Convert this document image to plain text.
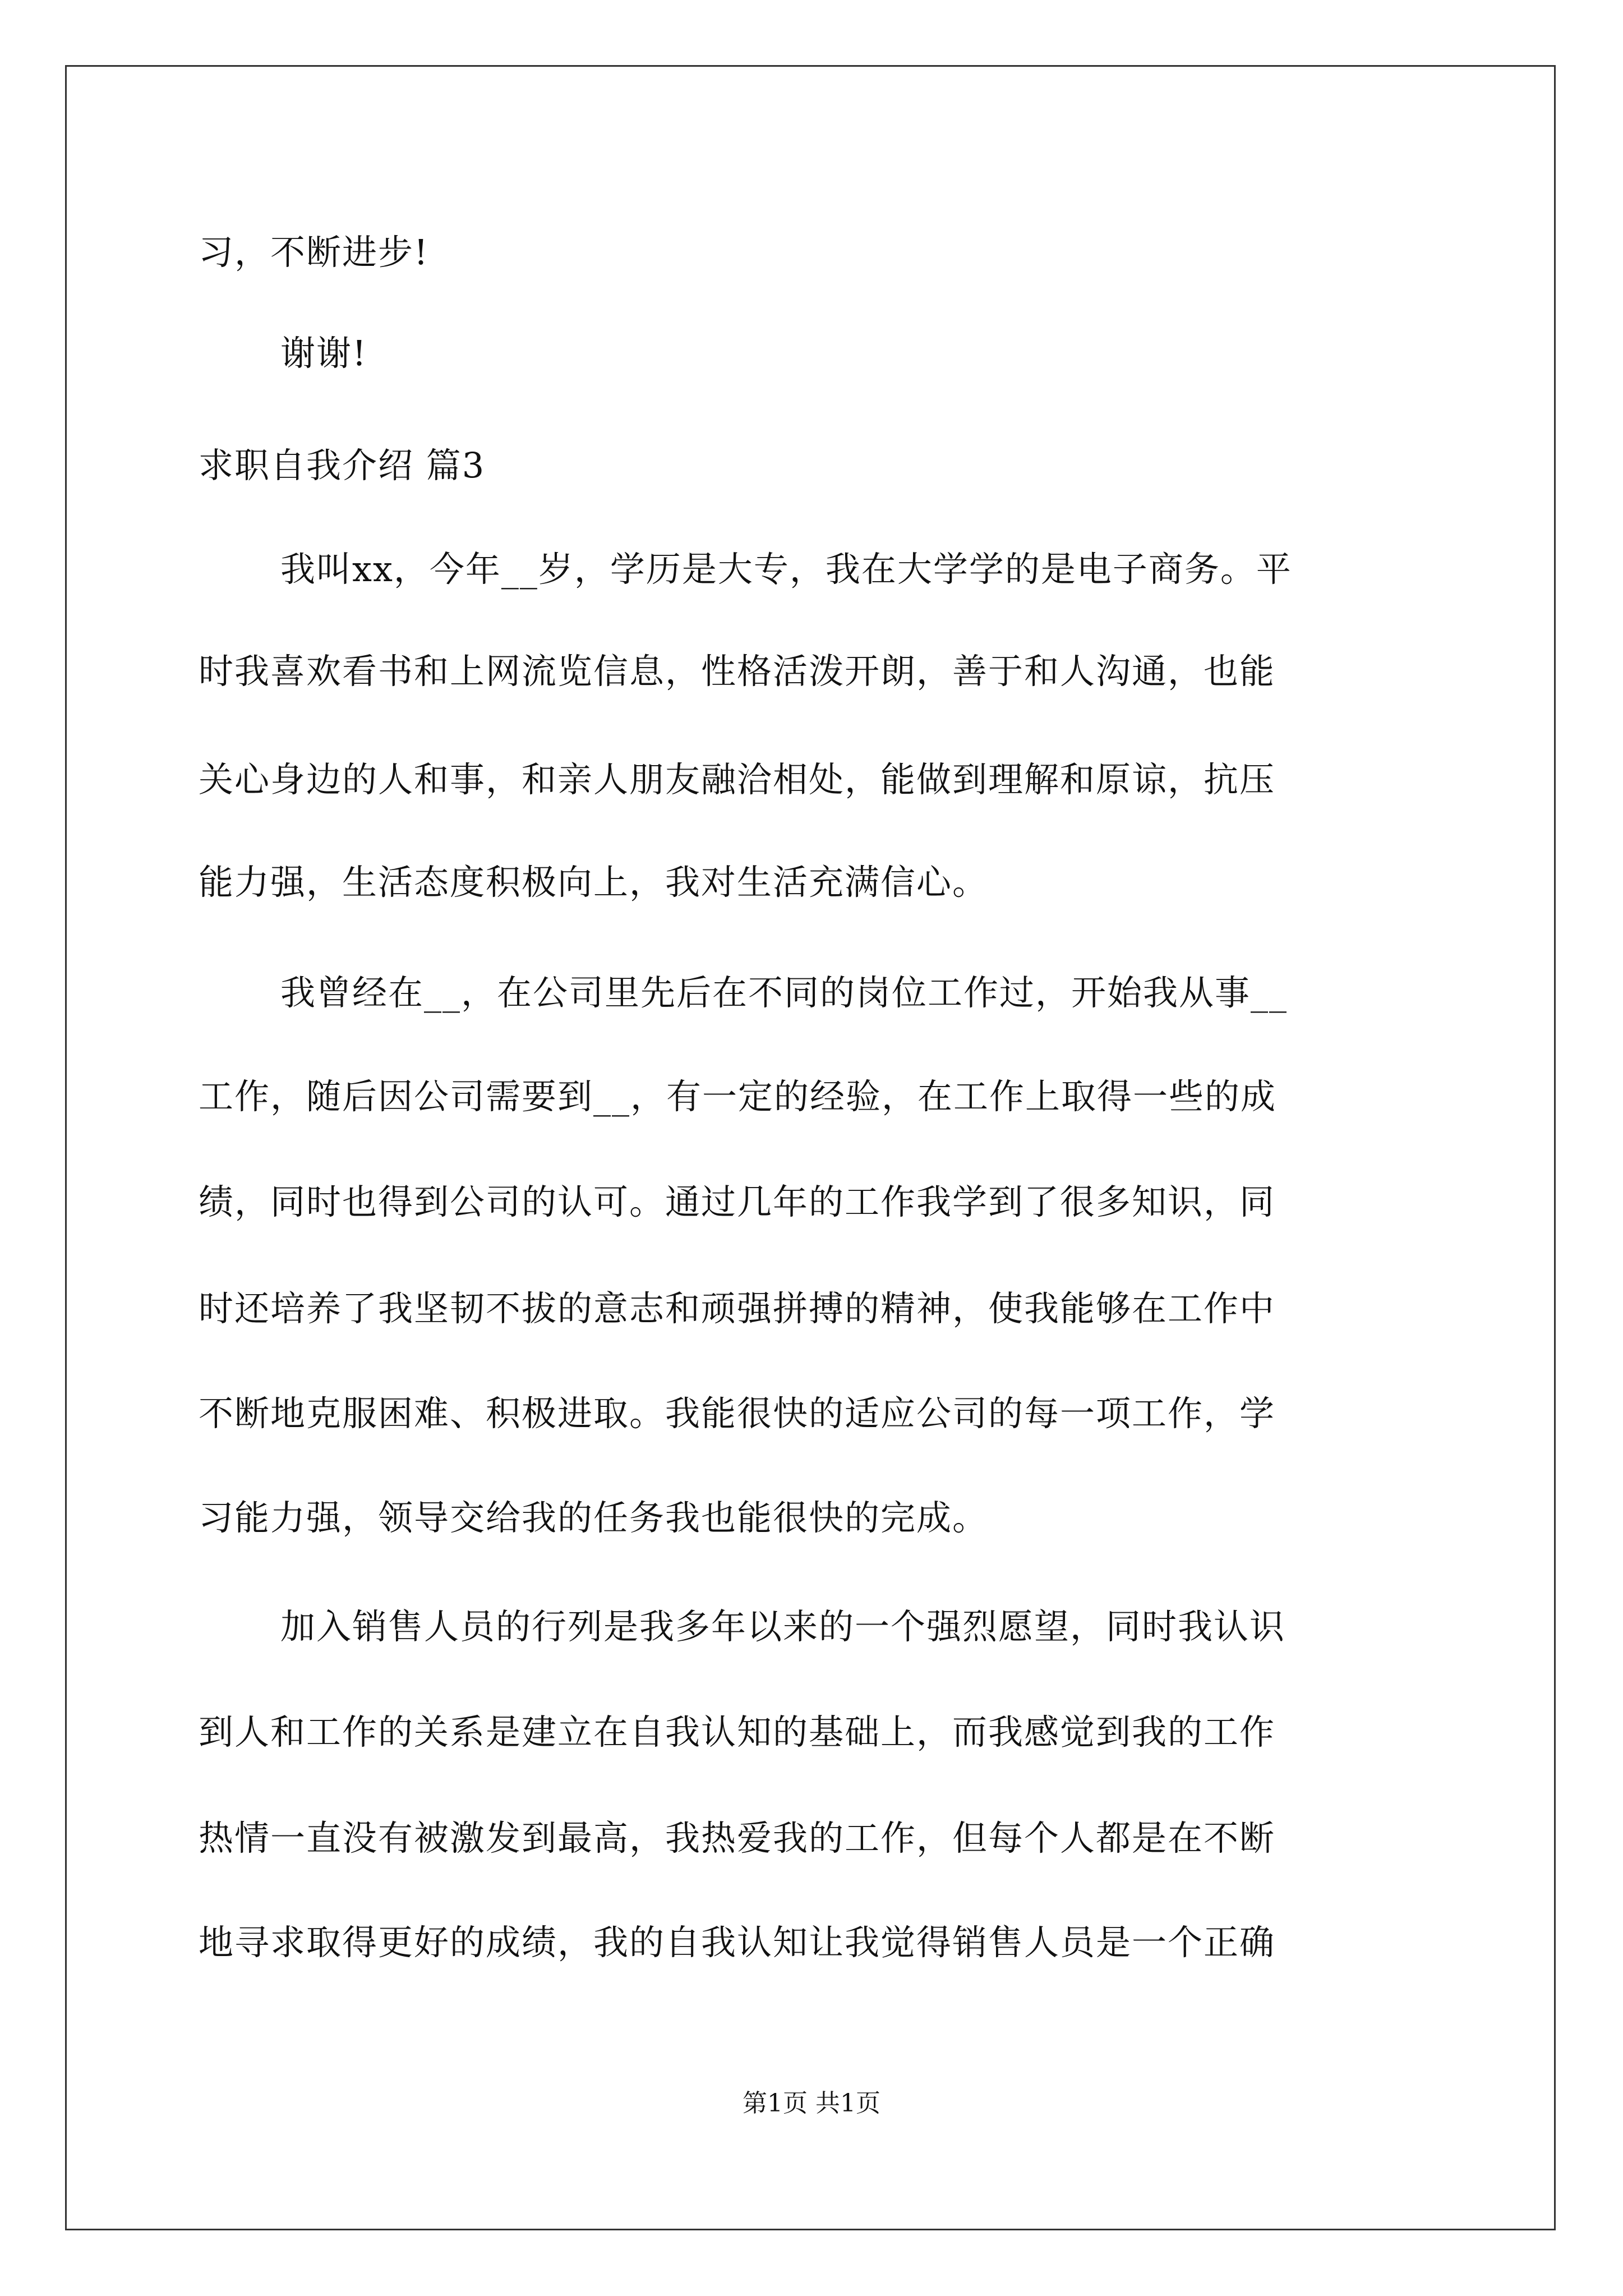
习，不断进步!
谢谢!
求职自我介绍 篇3
我叫xx，今年__岁，学历是大专，我在大学学的是电子商务。平
时我喜欢看书和上网流览信息，性格活泼开朗，善于和人沟通，也能
关心身边的人和事，和亲人朋友融洽相处，能做到理解和原谅，抗压
能力强，生活态度积极向上，我对生活充满信心。
我曾经在__，在公司里先后在不同的岗位工作过，开始我从事__
工作，随后因公司需要到__，有一定的经验，在工作上取得一些的成
绩，同时也得到公司的认可。通过几年的工作我学到了很多知识，同
时还培养了我坚韧不拔的意志和顽强拼搏的精神，使我能够在工作中
不断地克服困难、积极进取。我能很快的适应公司的每一项工作，学
习能力强，领导交给我的任务我也能很快的完成。
加入销售人员的行列是我多年以来的一个强烈愿望，同时我认识
到人和工作的关系是建立在自我认知的基础上，而我感觉到我的工作
热情一直没有被激发到最高，我热爱我的工作，但每个人都是在不断
地寻求取得更好的成绩，我的自我认知让我觉得销售人员是一个正确
第1页 共1页
